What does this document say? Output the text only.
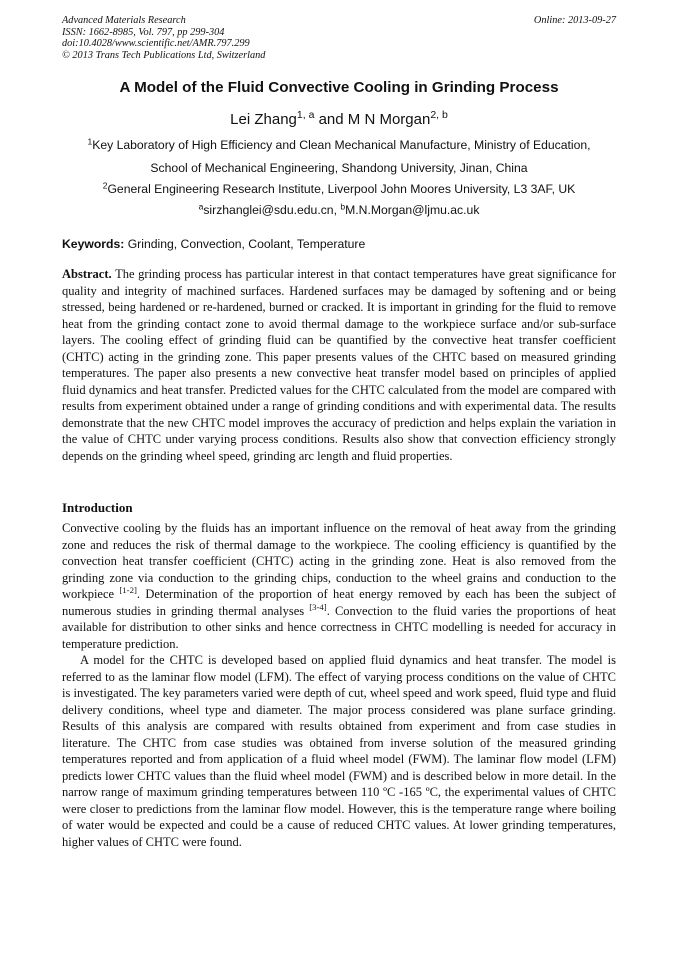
Advanced Materials Research
ISSN: 1662-8985, Vol. 797, pp 299-304
doi:10.4028/www.scientific.net/AMR.797.299
© 2013 Trans Tech Publications Ltd, Switzerland
Online: 2013-09-27
A Model of the Fluid Convective Cooling in Grinding Process
Lei Zhang$^{1, a}$ and M N Morgan$^{2, b}$
$^1$Key Laboratory of High Efficiency and Clean Mechanical Manufacture, Ministry of Education,
School of Mechanical Engineering, Shandong University, Jinan, China
$^2$General Engineering Research Institute, Liverpool John Moores University, L3 3AF, UK
$^a$sirzhanglei@sdu.edu.cn, $^b$M.N.Morgan@ljmu.ac.uk
Keywords: Grinding, Convection, Coolant, Temperature
Abstract. The grinding process has particular interest in that contact temperatures have great significance for quality and integrity of machined surfaces. Hardened surfaces may be damaged by softening and or being stressed, being hardened or re-hardened, burned or cracked. It is important in grinding for the fluid to remove heat from the grinding contact zone to avoid thermal damage to the workpiece surface and/or sub-surface layers. The cooling effect of grinding fluid can be quantified by the convective heat transfer coefficient (CHTC) acting in the grinding zone. This paper presents values of the CHTC based on measured grinding temperatures. The paper also presents a new convective heat transfer model based on principles of applied fluid dynamics and heat transfer. Predicted values for the CHTC calculated from the model are compared with results from experiment obtained under a range of grinding conditions and with experimental data. The results demonstrate that the new CHTC model improves the accuracy of prediction and helps explain the variation in the value of CHTC under varying process conditions. Results also show that convection efficiency strongly depends on the grinding wheel speed, grinding arc length and fluid properties.
Introduction

Convective cooling by the fluids has an important influence on the removal of heat away from the grinding zone and reduces the risk of thermal damage to the workpiece. The cooling efficiency is quantified by the convection heat transfer coefficient (CHTC) acting in the grinding zone. Heat is also removed from the grinding zone via conduction to the grinding chips, conduction to the wheel grains and conduction to the workpiece [1-2]. Determination of the proportion of heat energy removed by each has been the subject of numerous studies in grinding thermal analyses [3-4]. Convection to the fluid varies the proportions of heat available for distribution to other sinks and hence correctness in CHTC modelling is needed for accuracy in temperature prediction.

A model for the CHTC is developed based on applied fluid dynamics and heat transfer. The model is referred to as the laminar flow model (LFM). The effect of varying process conditions on the value of CHTC is investigated. The key parameters varied were depth of cut, wheel speed and work speed, fluid type and fluid delivery conditions, wheel type and diameter. The major process considered was plane surface grinding. Results of this analysis are compared with results obtained from experiment and from case studies in literature. The CHTC from case studies was obtained from inverse solution of the measured grinding temperatures reported and from application of a fluid wheel model (FWM). The laminar flow model (LFM) predicts lower CHTC values than the fluid wheel model (FWM) and is described below in more detail. In the narrow range of maximum grinding temperatures between 110 ºC -165 ºC, the experimental values of CHTC were closer to predictions from the laminar flow model. However, this is the temperature range where boiling of water would be expected and could be a cause of reduced CHTC values. At lower grinding temperatures, higher values of CHTC were found.
